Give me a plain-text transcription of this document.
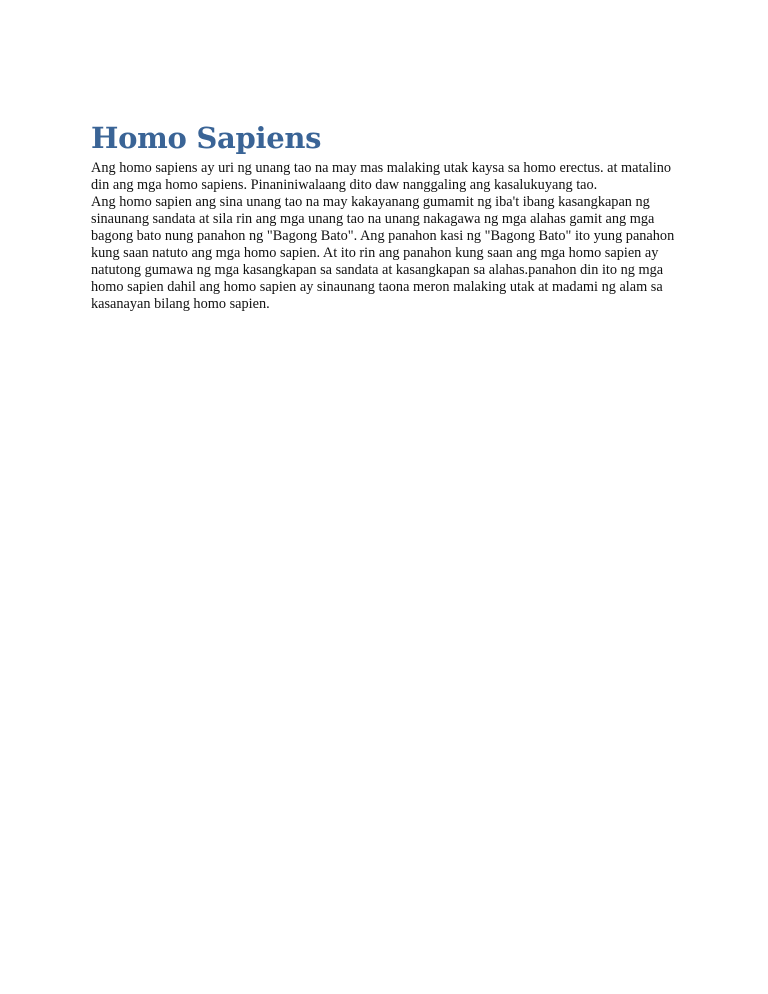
Homo Sapiens

Ang homo sapiens ay uri ng unang tao na may mas malaking utak kaysa sa homo erectus. at matalino din ang mga homo sapiens. Pinaniniwalaang dito daw nanggaling ang kasalukuyang tao.

Ang homo sapien ang sina unang tao na may kakayanang gumamit ng iba't ibang kasangkapan ng sinaunang sandata at sila rin ang mga unang tao na unang nakagawa ng mga alahas gamit ang mga bagong bato nung panahon ng "Bagong Bato". Ang panahon kasi ng "Bagong Bato" ito yung panahon kung saan natuto ang mga homo sapien. At ito rin ang panahon kung saan ang mga homo sapien ay natutong gumawa ng mga kasangkapan sa sandata at kasangkapan sa alahas.panahon din ito ng mga homo sapien dahil ang homo sapien ay sinaunang taona meron malaking utak at madami ng alam sa kasanayan bilang homo sapien.
